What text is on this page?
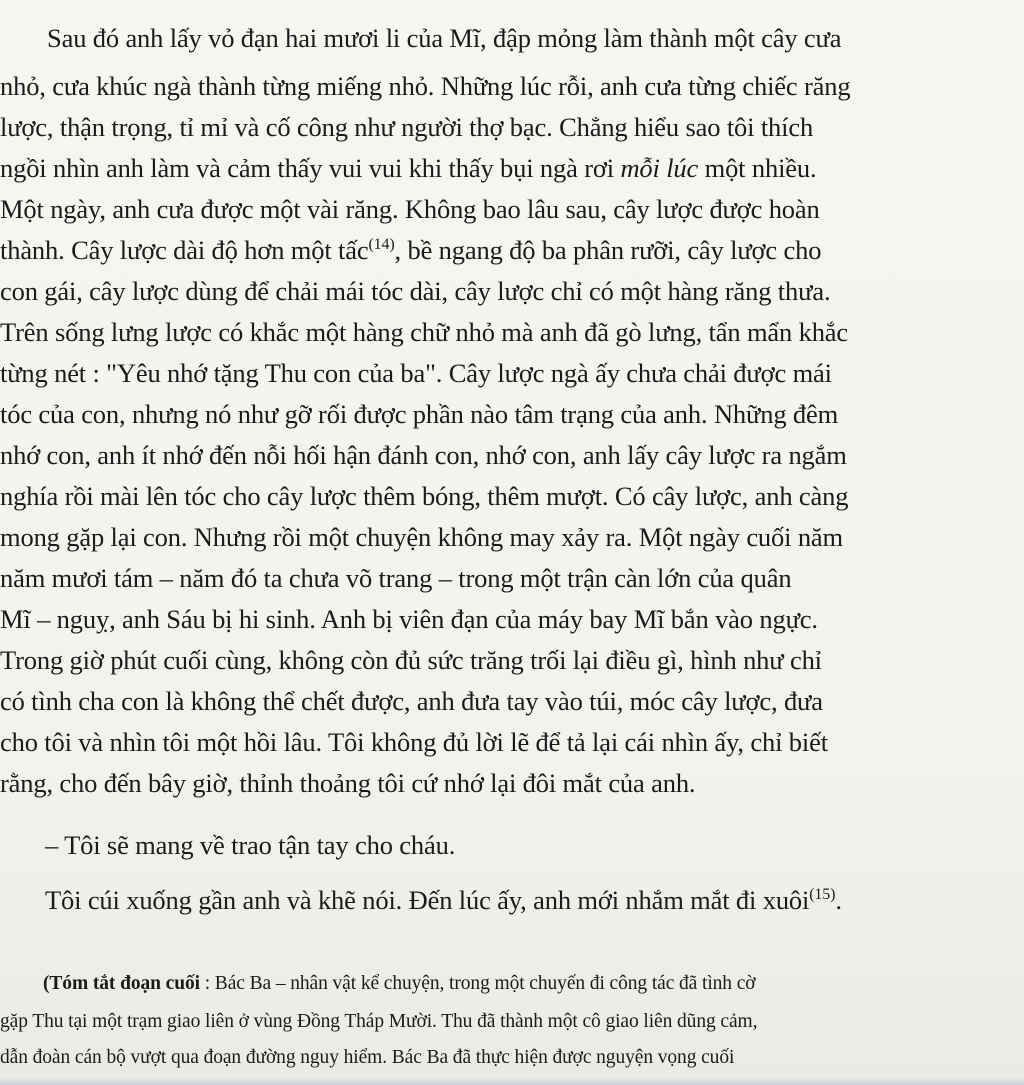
Sau đó anh lấy vỏ đạn hai mươi li của Mĩ, đập mỏng làm thành một cây cưa
nhỏ, cưa khúc ngà thành từng miếng nhỏ. Những lúc rỗi, anh cưa từng chiếc răng
lược, thận trọng, tỉ mỉ và cố công như người thợ bạc. Chẳng hiểu sao tôi thích
ngồi nhìn anh làm và cảm thấy vui vui khi thấy bụi ngà rơi mỗi lúc một nhiều.
Một ngày, anh cưa được một vài răng. Không bao lâu sau, cây lược được hoàn
thành. Cây lược dài độ hơn một tấc$^{(14)}$, bề ngang độ ba phân rưỡi, cây lược cho
con gái, cây lược dùng để chải mái tóc dài, cây lược chỉ có một hàng răng thưa.
Trên sống lưng lược có khắc một hàng chữ nhỏ mà anh đã gò lưng, tẩn mẩn khắc
từng nét : "Yêu nhớ tặng Thu con của ba". Cây lược ngà ấy chưa chải được mái
tóc của con, nhưng nó như gỡ rối được phần nào tâm trạng của anh. Những đêm
nhớ con, anh ít nhớ đến nỗi hối hận đánh con, nhớ con, anh lấy cây lược ra ngắm
nghía rồi mài lên tóc cho cây lược thêm bóng, thêm mượt. Có cây lược, anh càng
mong gặp lại con. Nhưng rồi một chuyện không may xảy ra. Một ngày cuối năm
năm mươi tám – năm đó ta chưa võ trang – trong một trận càn lớn của quân
Mĩ – nguỵ, anh Sáu bị hi sinh. Anh bị viên đạn của máy bay Mĩ bắn vào ngực.
Trong giờ phút cuối cùng, không còn đủ sức trăng trối lại điều gì, hình như chỉ
có tình cha con là không thể chết được, anh đưa tay vào túi, móc cây lược, đưa
cho tôi và nhìn tôi một hồi lâu. Tôi không đủ lời lẽ để tả lại cái nhìn ấy, chỉ biết
rằng, cho đến bây giờ, thỉnh thoảng tôi cứ nhớ lại đôi mắt của anh.
– Tôi sẽ mang về trao tận tay cho cháu.
Tôi cúi xuống gần anh và khẽ nói. Đến lúc ấy, anh mới nhắm mắt đi xuôi$^{(15)}$.
(Tóm tắt đoạn cuối : Bác Ba – nhân vật kể chuyện, trong một chuyến đi công tác đã tình cờ
gặp Thu tại một trạm giao liên ở vùng Đồng Tháp Mười. Thu đã thành một cô giao liên dũng cảm,
dẫn đoàn cán bộ vượt qua đoạn đường nguy hiểm. Bác Ba đã thực hiện được nguyện vọng cuối
